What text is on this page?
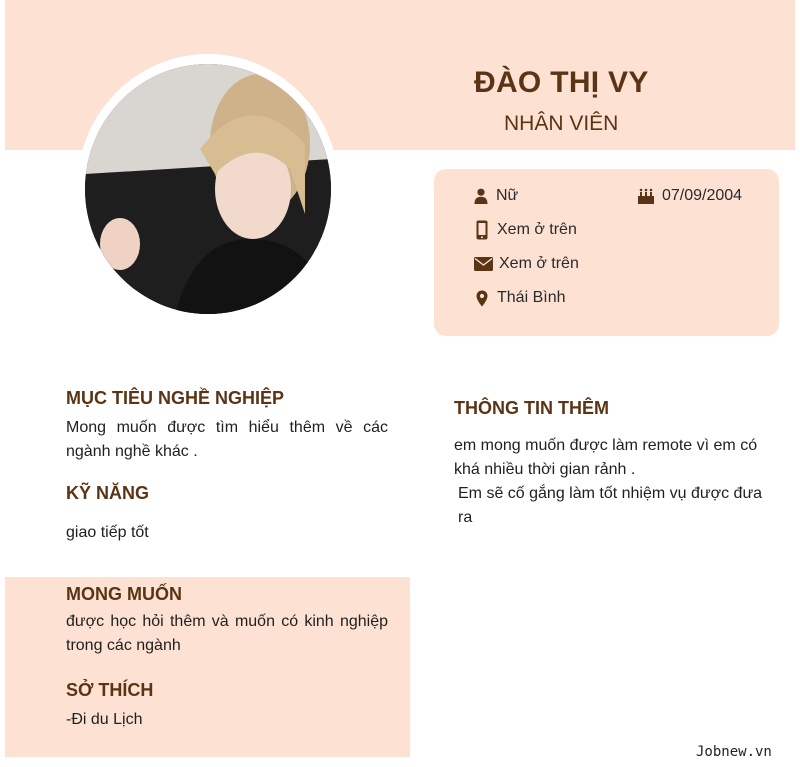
ĐÀO THỊ VY
NHÂN VIÊN
Nữ	07/09/2004
Xem ở trên
Xem ở trên
Thái Bình
MỤC TIÊU NGHỀ NGHIỆP
Mong muốn được tìm hiểu thêm về các ngành nghề khác .
KỸ NĂNG
giao tiếp tốt
MONG MUỐN
được học hỏi thêm và muốn có kinh nghiệp trong các ngành
SỞ THÍCH
-Đi du Lịch
THÔNG TIN THÊM
em mong muốn được làm remote vì em có khá nhiều thời gian rảnh .
Em sẽ cố gắng làm tốt nhiệm vụ được đưa ra
Jobnew.vn
